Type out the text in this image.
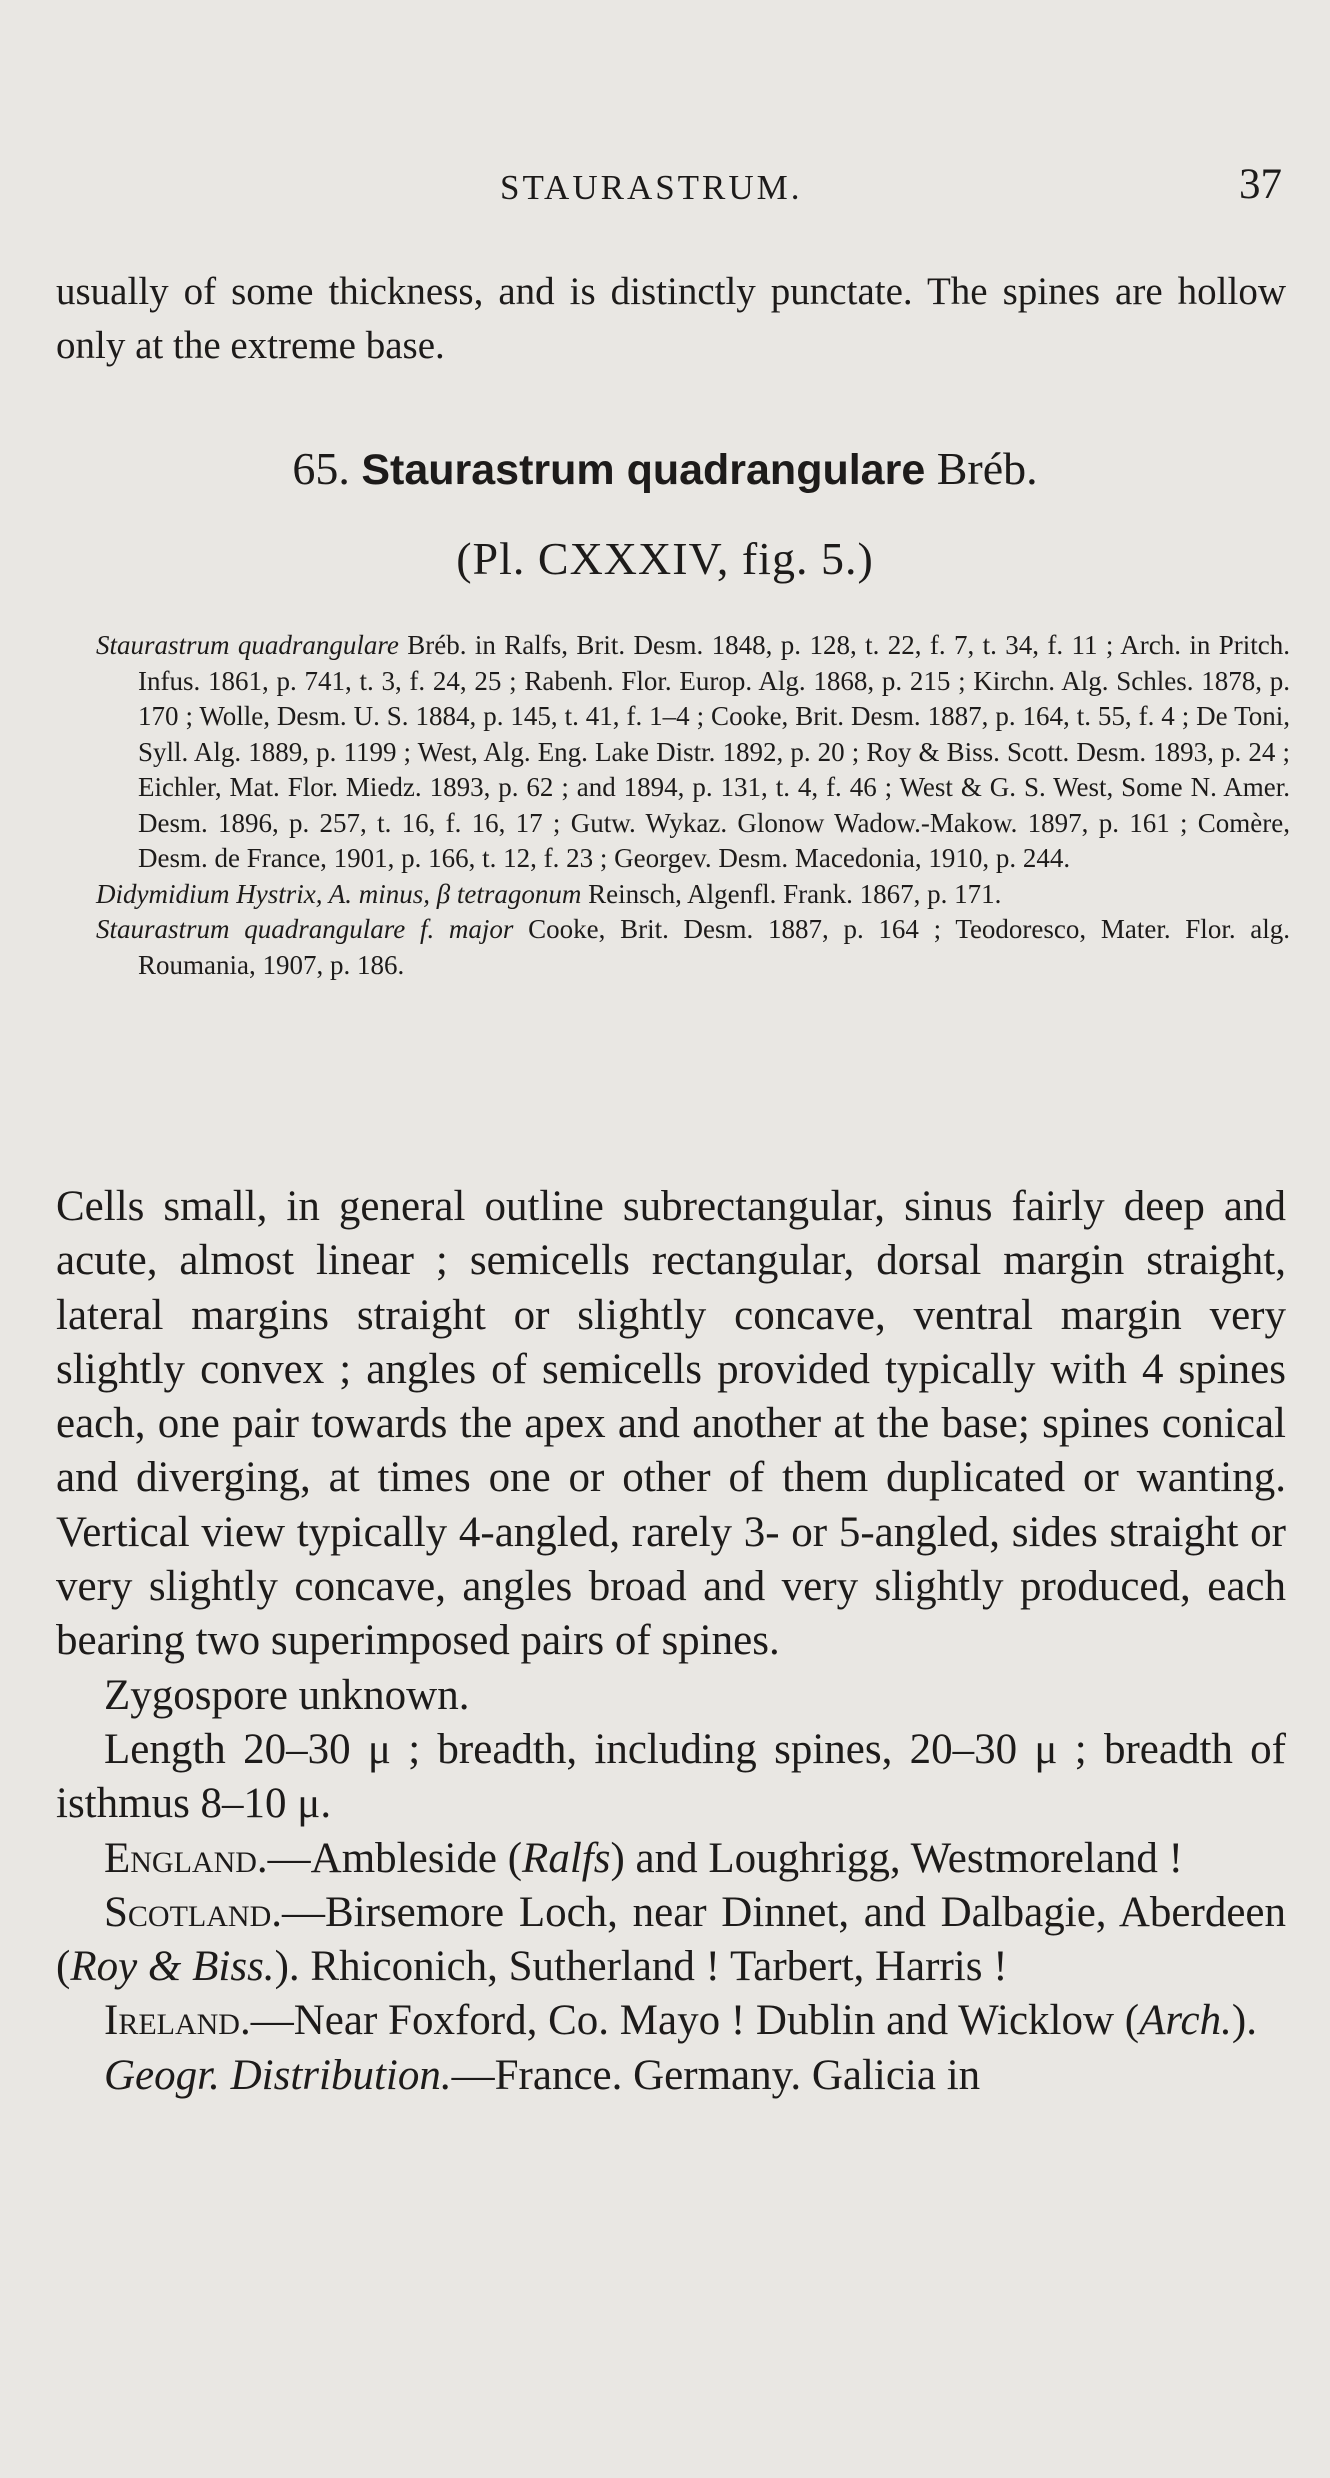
STAURASTRUM.	37

usually of some thickness, and is distinctly punctate. The spines are hollow only at the extreme base.

65. Staurastrum quadrangulare Bréb.
(Pl. CXXXIV, fig. 5.)

Staurastrum quadrangulare Bréb. in Ralfs, Brit. Desm. 1848, p. 128, t. 22, f. 7, t. 34, f. 11 ; Arch. in Pritch. Infus. 1861, p. 741, t. 3, f. 24, 25 ; Rabenh. Flor. Europ. Alg. 1868, p. 215 ; Kirchn. Alg. Schles. 1878, p. 170 ; Wolle, Desm. U. S. 1884, p. 145, t. 41, f. 1–4 ; Cooke, Brit. Desm. 1887, p. 164, t. 55, f. 4 ; De Toni, Syll. Alg. 1889, p. 1199 ; West, Alg. Eng. Lake Distr. 1892, p. 20 ; Roy & Biss. Scott. Desm. 1893, p. 24 ; Eichler, Mat. Flor. Miedz. 1893, p. 62 ; and 1894, p. 131, t. 4, f. 46 ; West & G. S. West, Some N. Amer. Desm. 1896, p. 257, t. 16, f. 16, 17 ; Gutw. Wykaz. Glonow Wadow.-Makow. 1897, p. 161 ; Comère, Desm. de France, 1901, p. 166, t. 12, f. 23 ; Georgev. Desm. Macedonia, 1910, p. 244.

Didymidium Hystrix, A. minus, β tetragonum Reinsch, Algenfl. Frank. 1867, p. 171.

Staurastrum quadrangulare f. major Cooke, Brit. Desm. 1887, p. 164 ; Teodoresco, Mater. Flor. alg. Roumania, 1907, p. 186.

Cells small, in general outline subrectangular, sinus fairly deep and acute, almost linear ; semicells rectangular, dorsal margin straight, lateral margins straight or slightly concave, ventral margin very slightly convex ; angles of semicells provided typically with 4 spines each, one pair towards the apex and another at the base; spines conical and diverging, at times one or other of them duplicated or wanting. Vertical view typically 4-angled, rarely 3- or 5-angled, sides straight or very slightly concave, angles broad and very slightly produced, each bearing two superimposed pairs of spines.

Zygospore unknown.

Length 20–30 μ ; breadth, including spines, 20–30 μ ; breadth of isthmus 8–10 μ.

England.—Ambleside (Ralfs) and Loughrigg, Westmoreland !

Scotland.—Birsemore Loch, near Dinnet, and Dalbagie, Aberdeen (Roy & Biss.). Rhiconich, Sutherland ! Tarbert, Harris !

Ireland.—Near Foxford, Co. Mayo ! Dublin and Wicklow (Arch.).

Geogr. Distribution.—France. Germany. Galicia in
